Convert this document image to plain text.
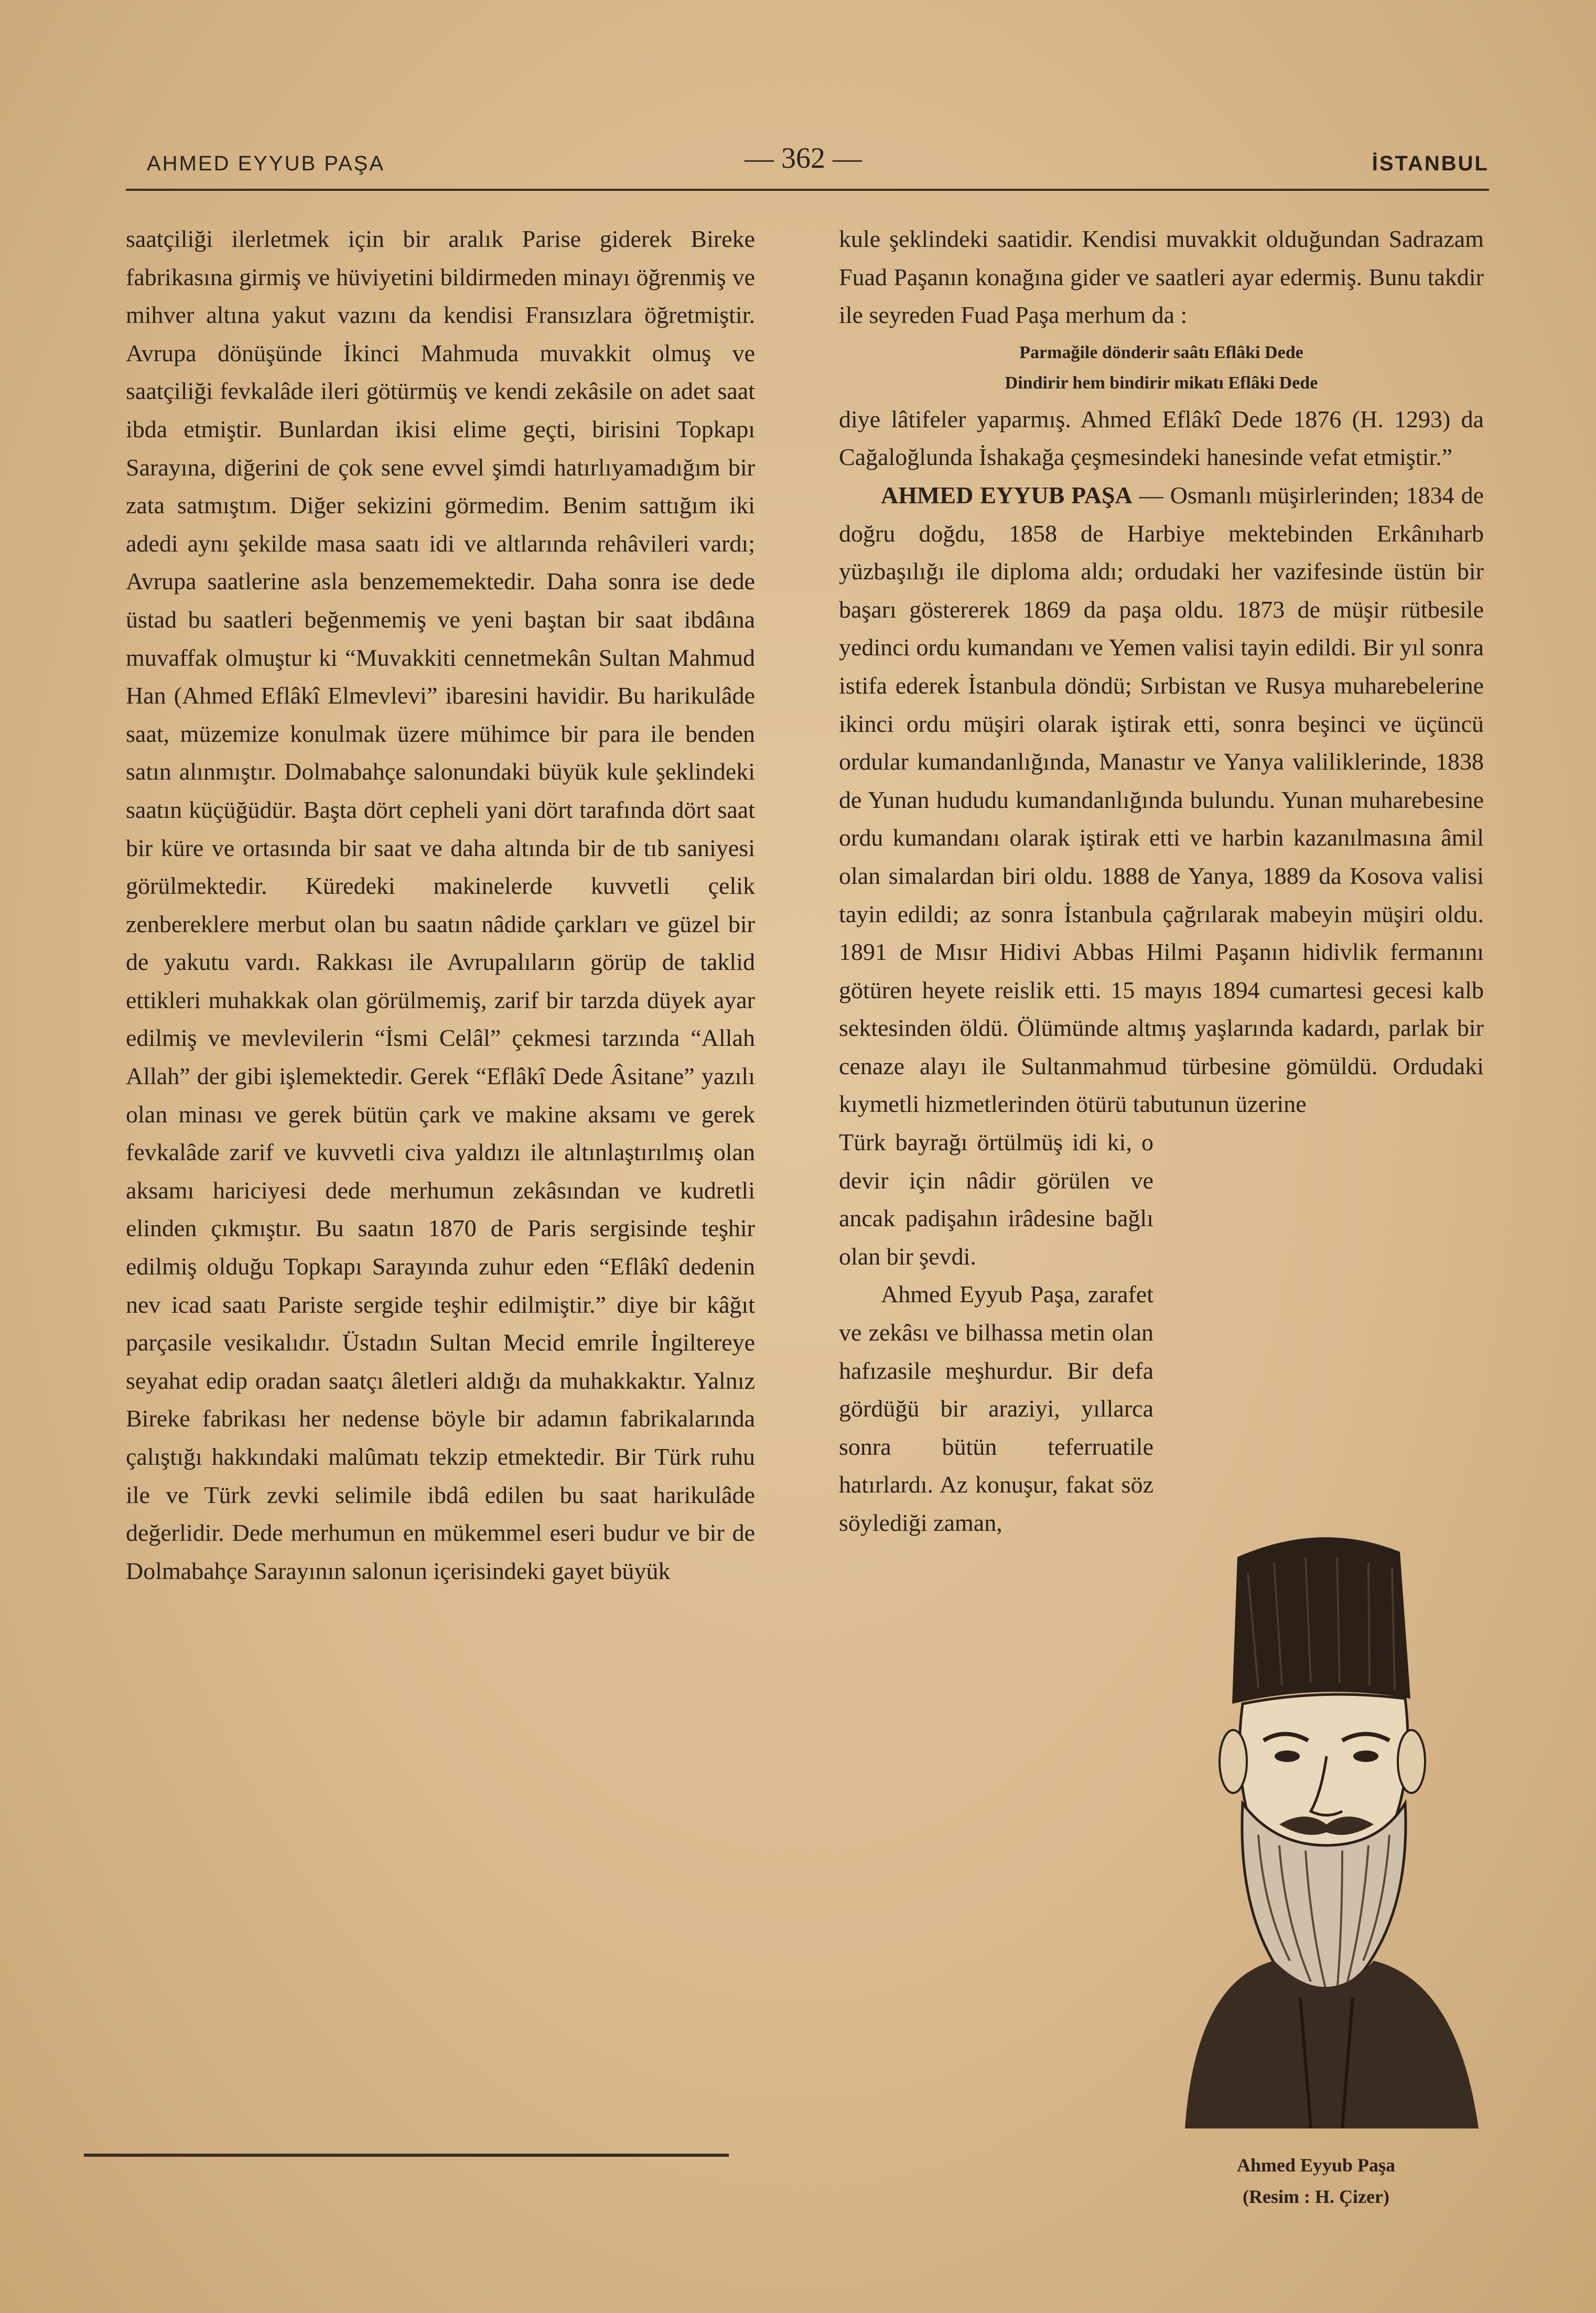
AHMED EYYUB PAŞA	— 362 —	İSTANBUL

saatçiliği ilerletmek için bir aralık Parise giderek Bireke fabrikasına girmiş ve hüviyetini bildirmeden minayı öğrenmiş ve mihver altına yakut vazını da kendisi Fransızlara öğretmiştir. Avrupa dönüşünde İkinci Mahmuda muvakkit olmuş ve saatçiliği fevkalâde ileri götürmüş ve kendi zekâsile on adet saat ibda etmiştir. Bunlardan ikisi elime geçti, birisini Topkapı Sarayına, diğerini de çok sene evvel şimdi hatırlıyamadığım bir zata satmıştım. Diğer sekizini görmedim. Benim sattığım iki adedi aynı şekilde masa saatı idi ve altlarında rehâvileri vardı; Avrupa saatlerine asla benzememektedir. Daha sonra ise dede üstad bu saatleri beğenmemiş ve yeni baştan bir saat ibdâına muvaffak olmuştur ki “Muvakkiti cennetmekân Sultan Mahmud Han (Ahmed Eflâkî Elmevlevi” ibaresini havidir. Bu harikulâde saat, müzemize konulmak üzere mühimce bir para ile benden satın alınmıştır. Dolmabahçe salonundaki büyük kule şeklindeki saatın küçüğüdür. Başta dört cepheli yani dört tarafında dört saat bir küre ve ortasında bir saat ve daha altında bir de tıb saniyesi görülmektedir. Küredeki makinelerde kuvvetli çelik zenbereklere merbut olan bu saatın nâdide çarkları ve güzel bir de yakutu vardı. Rakkası ile Avrupalıların görüp de taklid ettikleri muhakkak olan görülmemiş, zarif bir tarzda düyek ayar edilmiş ve mevlevilerin “İsmi Celâl” çekmesi tarzında “Allah Allah” der gibi işlemektedir. Gerek “Eflâkî Dede Âsitane” yazılı olan minası ve gerek bütün çark ve makine aksamı ve gerek fevkalâde zarif ve kuvvetli civa yaldızı ile altınlaştırılmış olan aksamı hariciyesi dede merhumun zekâsından ve kudretli elinden çıkmıştır. Bu saatın 1870 de Paris sergisinde teşhir edilmiş olduğu Topkapı Sarayında zuhur eden “Eflâkî dedenin nev icad saatı Pariste sergide teşhir edilmiştir.” diye bir kâğıt parçasile vesikalıdır. Üstadın Sultan Mecid emrile İngiltereye seyahat edip oradan saatçı âletleri aldığı da muhakkaktır. Yalnız Bireke fabrikası her nedense böyle bir adamın fabrikalarında çalıştığı hakkındaki malûmatı tekzip etmektedir. Bir Türk ruhu ile ve Türk zevki selimile ibdâ edilen bu saat harikulâde değerlidir. Dede merhumun en mükemmel eseri budur ve bir de Dolmabahçe Sarayının salonun içerisindeki gayet büyük

kule şeklindeki saatidir. Kendisi muvakkit olduğundan Sadrazam Fuad Paşanın konağına gider ve saatleri ayar edermiş. Bunu takdir ile seyreden Fuad Paşa merhum da :

Parmağile dönderir saâtı Eflâki Dede
Dindirir hem bindirir mikatı Eflâki Dede

diye lâtifeler yaparmış. Ahmed Eflâkî Dede 1876 (H. 1293) da Cağaloğlunda İshakağa çeşmesindeki hanesinde vefat etmiştir.”

AHMED EYYUB PAŞA — Osmanlı müşirlerinden; 1834 de doğru doğdu, 1858 de Harbiye mektebinden Erkânıharb yüzbaşılığı ile diploma aldı; ordudaki her vazifesinde üstün bir başarı göstererek 1869 da paşa oldu. 1873 de müşir rütbesile yedinci ordu kumandanı ve Yemen valisi tayin edildi. Bir yıl sonra istifa ederek İstanbula döndü; Sırbistan ve Rusya muharebelerine ikinci ordu müşiri olarak iştirak etti, sonra beşinci ve üçüncü ordular kumandanlığında, Manastır ve Yanya valiliklerinde, 1838 de Yunan hududu kumandanlığında bulundu. Yunan muharebesine ordu kumandanı olarak iştirak etti ve harbin kazanılmasına âmil olan simalardan biri oldu. 1888 de Yanya, 1889 da Kosova valisi tayin edildi; az sonra İstanbula çağrılarak mabeyin müşiri oldu. 1891 de Mısır Hidivi Abbas Hilmi Paşanın hidivlik fermanını götüren heyete reislik etti. 15 mayıs 1894 cumartesi gecesi kalb sektesinden öldü. Ölümünde altmış yaşlarında kadardı, parlak bir cenaze alayı ile Sultanmahmud türbesine gömüldü. Ordudaki kıymetli hizmetlerinden ötürü tabutunun üzerine

Türk bayrağı örtülmüş idi ki, o devir için nâdir görülen ve ancak padişahın irâdesine bağlı olan bir şevdi.

Ahmed Eyyub Paşa, zarafet ve zekâsı ve bilhassa metin olan hafızasile meşhurdur. Bir defa gördüğü bir araziyi, yıllarca sonra bütün teferruatile hatırlardı. Az konuşur, fakat söz söylediği zaman,

Ahmed Eyyub Paşa
(Resim : H. Çizer)
